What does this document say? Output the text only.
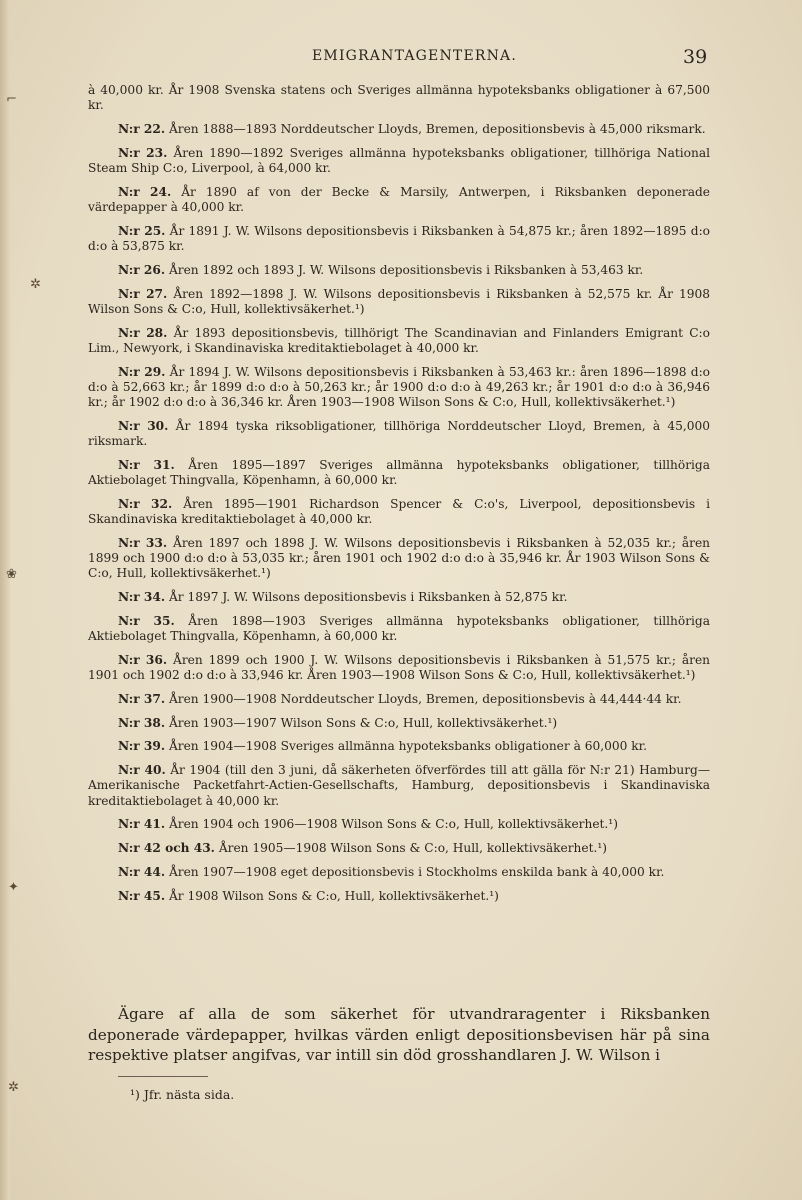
⌐
✲
❀
✦
✲
EMIGRANTAGENTERNA.	39

à 40,000 kr. År 1908 Svenska statens och Sveriges allmänna hypoteksbanks obligationer à 67,500 kr.

N:r 22. Åren 1888—1893 Norddeutscher Lloyds, Bremen, depositionsbevis à 45,000 riksmark.

N:r 23. Åren 1890—1892 Sveriges allmänna hypoteksbanks obligationer, tillhöriga National Steam Ship C:o, Liverpool, à 64,000 kr.

N:r 24. År 1890 af von der Becke & Marsily, Antwerpen, i Riksbanken deponerade värdepapper à 40,000 kr.

N:r 25. År 1891 J. W. Wilsons depositionsbevis i Riksbanken à 54,875 kr.; åren 1892—1895 d:o d:o à 53,875 kr.

N:r 26. Åren 1892 och 1893 J. W. Wilsons depositionsbevis i Riksbanken à 53,463 kr.

N:r 27. Åren 1892—1898 J. W. Wilsons depositionsbevis i Riksbanken à 52,575 kr. År 1908 Wilson Sons & C:o, Hull, kollektivsäkerhet.¹)

N:r 28. År 1893 depositionsbevis, tillhörigt The Scandinavian and Finlanders Emigrant C:o Lim., Newyork, i Skandinaviska kreditaktiebolaget à 40,000 kr.

N:r 29. År 1894 J. W. Wilsons depositionsbevis i Riksbanken à 53,463 kr.: åren 1896—1898 d:o d:o à 52,663 kr.; år 1899 d:o d:o à 50,263 kr.; år 1900 d:o d:o à 49,263 kr.; år 1901 d:o d:o à 36,946 kr.; år 1902 d:o d:o à 36,346 kr. Åren 1903—1908 Wilson Sons & C:o, Hull, kollektivsäkerhet.¹)

N:r 30. År 1894 tyska riksobligationer, tillhöriga Norddeutscher Lloyd, Bremen, à 45,000 riksmark.

N:r 31. Åren 1895—1897 Sveriges allmänna hypoteksbanks obligationer, tillhöriga Aktiebolaget Thingvalla, Köpenhamn, à 60,000 kr.

N:r 32. Åren 1895—1901 Richardson Spencer & C:o's, Liverpool, depositionsbevis i Skandinaviska kreditaktiebolaget à 40,000 kr.

N:r 33. Åren 1897 och 1898 J. W. Wilsons depositionsbevis i Riksbanken à 52,035 kr.; åren 1899 och 1900 d:o d:o à 53,035 kr.; åren 1901 och 1902 d:o d:o à 35,946 kr. År 1903 Wilson Sons & C:o, Hull, kollektivsäkerhet.¹)

N:r 34. År 1897 J. W. Wilsons depositionsbevis i Riksbanken à 52,875 kr.

N:r 35. Åren 1898—1903 Sveriges allmänna hypoteksbanks obligationer, tillhöriga Aktiebolaget Thingvalla, Köpenhamn, à 60,000 kr.

N:r 36. Åren 1899 och 1900 J. W. Wilsons depositionsbevis i Riksbanken à 51,575 kr.; åren 1901 och 1902 d:o d:o à 33,946 kr. Åren 1903—1908 Wilson Sons & C:o, Hull, kollektivsäkerhet.¹)

N:r 37. Åren 1900—1908 Norddeutscher Lloyds, Bremen, depositionsbevis à 44,444·44 kr.

N:r 38. Åren 1903—1907 Wilson Sons & C:o, Hull, kollektivsäkerhet.¹)

N:r 39. Åren 1904—1908 Sveriges allmänna hypoteksbanks obligationer à 60,000 kr.

N:r 40. År 1904 (till den 3 juni, då säkerheten öfverfördes till att gälla för N:r 21) Hamburg—Amerikanische Packetfahrt-Actien-Gesellschafts, Hamburg, depositionsbevis i Skandinaviska kreditaktiebolaget à 40,000 kr.

N:r 41. Åren 1904 och 1906—1908 Wilson Sons & C:o, Hull, kollektivsäkerhet.¹)

N:r 42 och 43. Åren 1905—1908 Wilson Sons & C:o, Hull, kollektivsäkerhet.¹)

N:r 44. Åren 1907—1908 eget depositionsbevis i Stockholms enskilda bank à 40,000 kr.

N:r 45. År 1908 Wilson Sons & C:o, Hull, kollektivsäkerhet.¹)

Ägare af alla de som säkerhet för utvandraragenter i Riksbanken deponerade värdepapper, hvilkas värden enligt depositionsbevisen här på sina respektive platser angifvas, var intill sin död grosshandlaren J. W. Wilson i

¹) Jfr. nästa sida.
